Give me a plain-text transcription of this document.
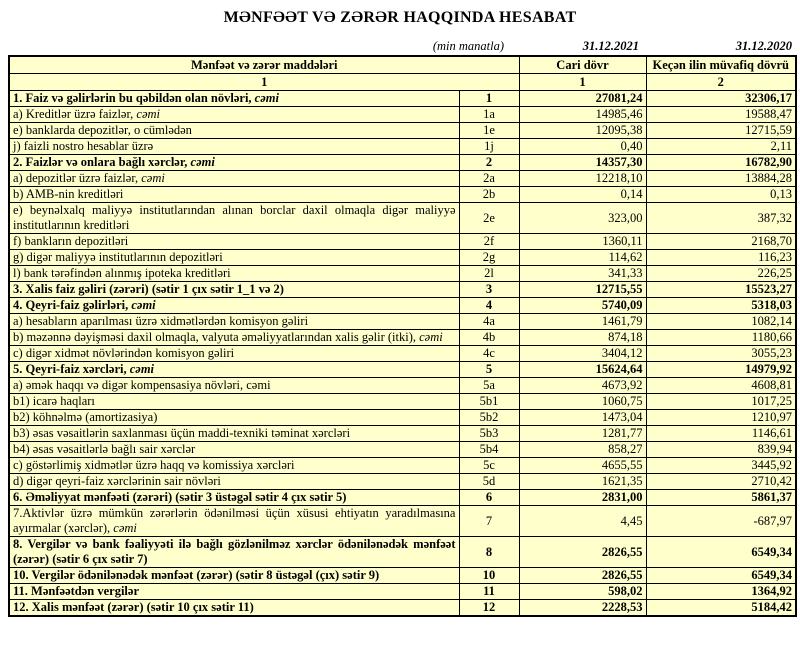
MƏNFƏƏT VƏ ZƏRƏR HAQQINDA HESABAT
(min manatla)	31.12.2021	31.12.2020
Mənfəət və zərər maddələri		Cari dövr	Keçən ilin müvafiq dövrü
1		1	2
1. Faiz və gəlirlərin bu qəbildən olan növləri, cəmi	1	27081,24	32306,17
a) Kreditlər üzrə faizlər, cəmi	1a	14985,46	19588,47
e) banklarda depozitlər, o cümlədən	1e	12095,38	12715,59
j) faizli nostro hesablar üzrə	1j	0,40	2,11
2. Faizlər və onlara bağlı xərclər, cəmi	2	14357,30	16782,90
a) depozitlər üzrə faizlər, cəmi	2a	12218,10	13884,28
b) AMB-nin kreditləri	2b	0,14	0,13
e) beynəlxalq maliyyə institutlarından alınan borclar daxil olmaqla digər maliyyə institutlarının kreditləri	2e	323,00	387,32
f) bankların depozitləri	2f	1360,11	2168,70
g) digər maliyyə institutlarının depozitləri	2g	114,62	116,23
l) bank tərəfindən alınmış ipoteka kreditləri	2l	341,33	226,25
3. Xalis faiz gəliri (zərəri) (sətir 1 çıx sətir 1_1 və 2)	3	12715,55	15523,27
4. Qeyri-faiz gəlirləri, cəmi	4	5740,09	5318,03
a) hesabların aparılması üzrə xidmətlərdən komisyon gəliri	4a	1461,79	1082,14
b) məzənnə dəyişməsi daxil olmaqla, valyuta əməliyyatlarından xalis gəlir (itki), cəmi	4b	874,18	1180,66
c) digər xidmət növlərindən komisyon gəliri	4c	3404,12	3055,23
5. Qeyri-faiz xərcləri, cəmi	5	15624,64	14979,92
a) əmək haqqı və digər kompensasiya növləri, cəmi	5a	4673,92	4608,81
b1) icarə haqları	5b1	1060,75	1017,25
b2) köhnəlmə (amortizasiya)	5b2	1473,04	1210,97
b3) əsas vəsaitlərin saxlanması üçün maddi-texniki təminat xərcləri	5b3	1281,77	1146,61
b4) əsas vəsaitlərlə bağlı sair xərclər	5b4	858,27	839,94
c) göstərlimiş xidmətlər üzrə haqq və komissiya xərcləri	5c	4655,55	3445,92
d) digər qeyri-faiz xərclərinin sair növləri	5d	1621,35	2710,42
6. Əməliyyat mənfəəti (zərəri) (sətir 3 üstəgəl sətir 4 çıx sətir 5)	6	2831,00	5861,37
7.Aktivlər üzrə mümkün zərərlərin ödənilməsi üçün xüsusi ehtiyatın yaradılmasına ayırmalar (xərclər), cəmi	7	4,45	-687,97
8. Vergilər və bank fəaliyyəti ilə bağlı gözlənilməz xərclər ödənilənədək mənfəət (zərər) (sətir 6 çıx sətir 7)	8	2826,55	6549,34
10. Vergilər ödənilənədək mənfəət (zərər) (sətir 8 üstəgəl (çıx) sətir 9)	10	2826,55	6549,34
11. Mənfəətdən vergilər	11	598,02	1364,92
12. Xalis mənfəət (zərər) (sətir 10 çıx sətir 11)	12	2228,53	5184,42
